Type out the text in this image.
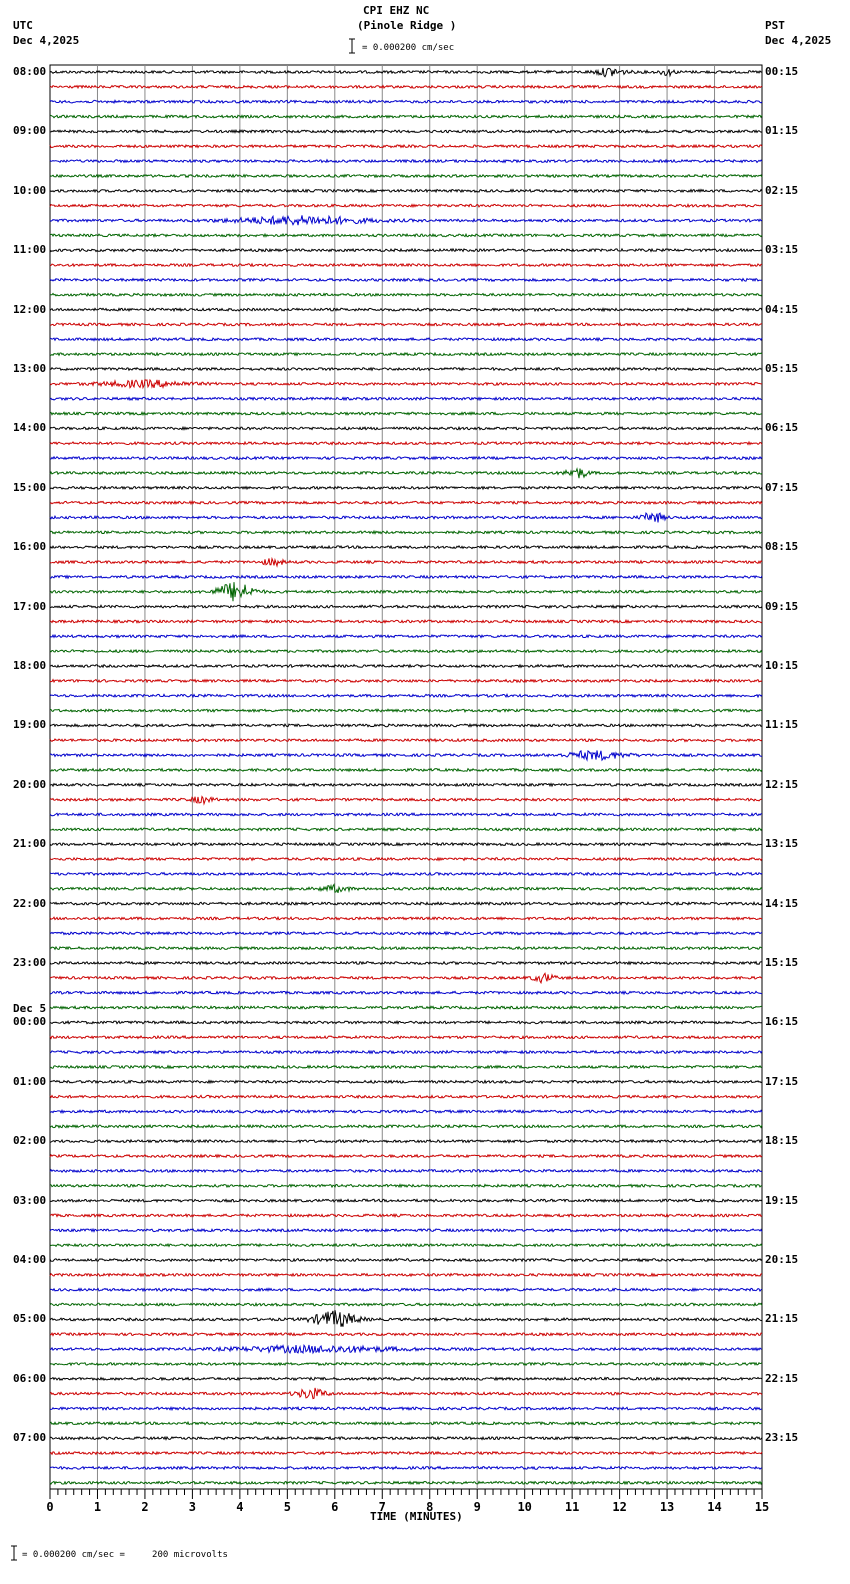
CPI EHZ NC
(Pinole Ridge )
UTC
Dec 4,2025
PST
Dec 4,2025
= 0.000200 cm/sec
= 0.000200 cm/sec =     200 microvolts
TIME (MINUTES)
Dec 5
08:00
09:00
10:00
11:00
12:00
13:00
14:00
15:00
16:00
17:00
18:00
19:00
20:00
21:00
22:00
23:00
00:00
01:00
02:00
03:00
04:00
05:00
06:00
07:00
00:15
01:15
02:15
03:15
04:15
05:15
06:15
07:15
08:15
09:15
10:15
11:15
12:15
13:15
14:15
15:15
16:15
17:15
18:15
19:15
20:15
21:15
22:15
23:15
0	1	2	3	4	5	6	7	8	9	10	11	12	13	14	15
